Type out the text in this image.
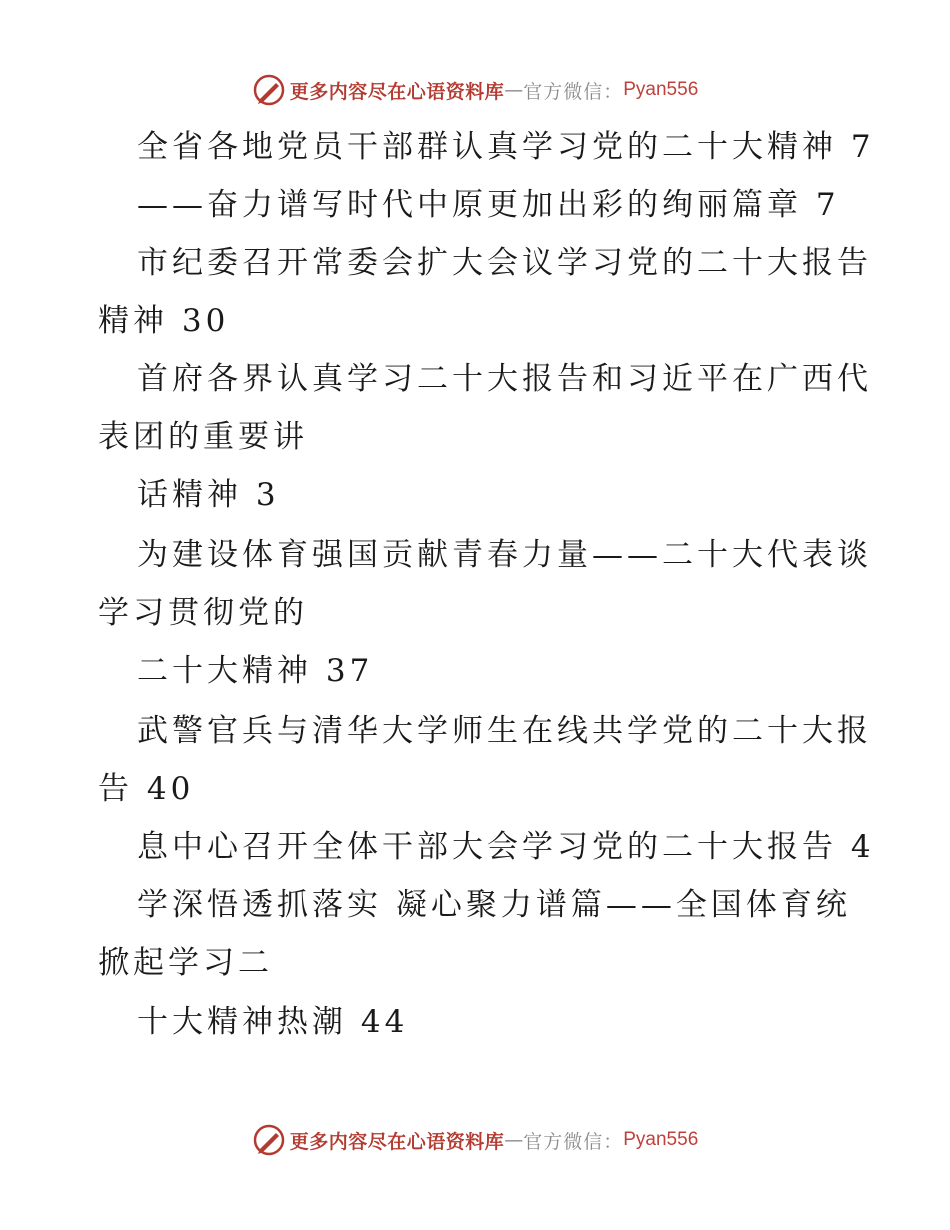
更多内容尽在心语资料库 — 官方微信： Pyan556
全省各地党员干部群认真学习党的二十大精神 7
——奋力谱写时代中原更加出彩的绚丽篇章 7
市纪委召开常委会扩大会议学习党的二十大报告
精神 30
首府各界认真学习二十大报告和习近平在广西代
表团的重要讲
话精神 3
为建设体育强国贡献青春力量——二十大代表谈
学习贯彻党的
二十大精神 37
武警官兵与清华大学师生在线共学党的二十大报
告 40
息中心召开全体干部大会学习党的二十大报告 4
学深悟透抓落实 凝心聚力谱篇——全国体育统
掀起学习二
十大精神热潮 44
更多内容尽在心语资料库 — 官方微信： Pyan556
